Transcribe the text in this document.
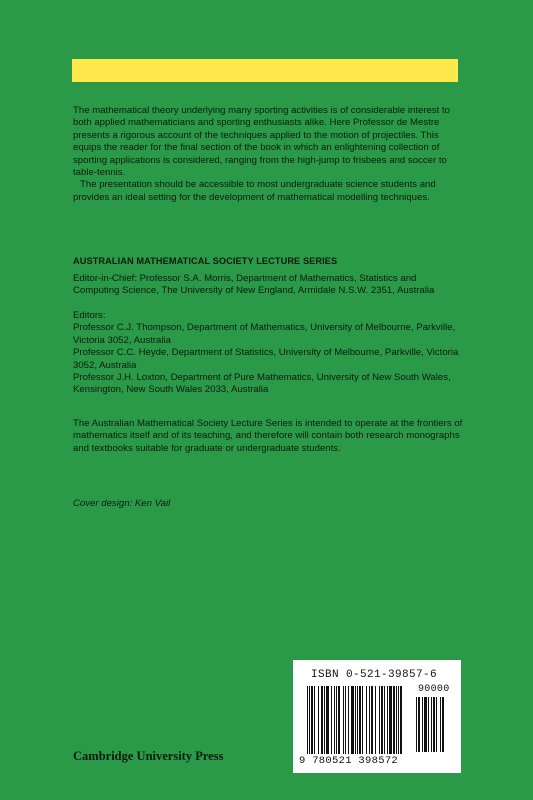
The mathematical theory underlying many sporting activities is of considerable interest to both applied mathematicians and sporting enthusiasts alike. Here Professor de Mestre presents a rigorous account of the techniques applied to the motion of projectiles. This equips the reader for the final section of the book in which an enlightening collection of sporting applications is considered, ranging from the high-jump to frisbees and soccer to table-tennis.

The presentation should be accessible to most undergraduate science students and provides an ideal setting for the development of mathematical modelling techniques.

AUSTRALIAN MATHEMATICAL SOCIETY LECTURE SERIES
Editor-in-Chief: Professor S.A. Morris, Department of Mathematics, Statistics and Computing Science, The University of New England, Armidale N.S.W. 2351, Australia
Editors:
Professor C.J. Thompson, Department of Mathematics, University of Melbourne, Parkville, Victoria 3052, Australia
Professor C.C. Heyde, Department of Statistics, University of Melbourne, Parkville, Victoria 3052, Australia
Professor J.H. Loxton, Department of Pure Mathematics, University of New South Wales, Kensington, New South Wales 2033, Australia
The Australian Mathematical Society Lecture Series is intended to operate at the frontiers of mathematics itself and of its teaching, and therefore will contain both research monographs and textbooks suitable for graduate or undergraduate students.
Cover design: Ken Vail
Cambridge University Press
ISBN 0-521-39857-6
90000
9 780521 398572
